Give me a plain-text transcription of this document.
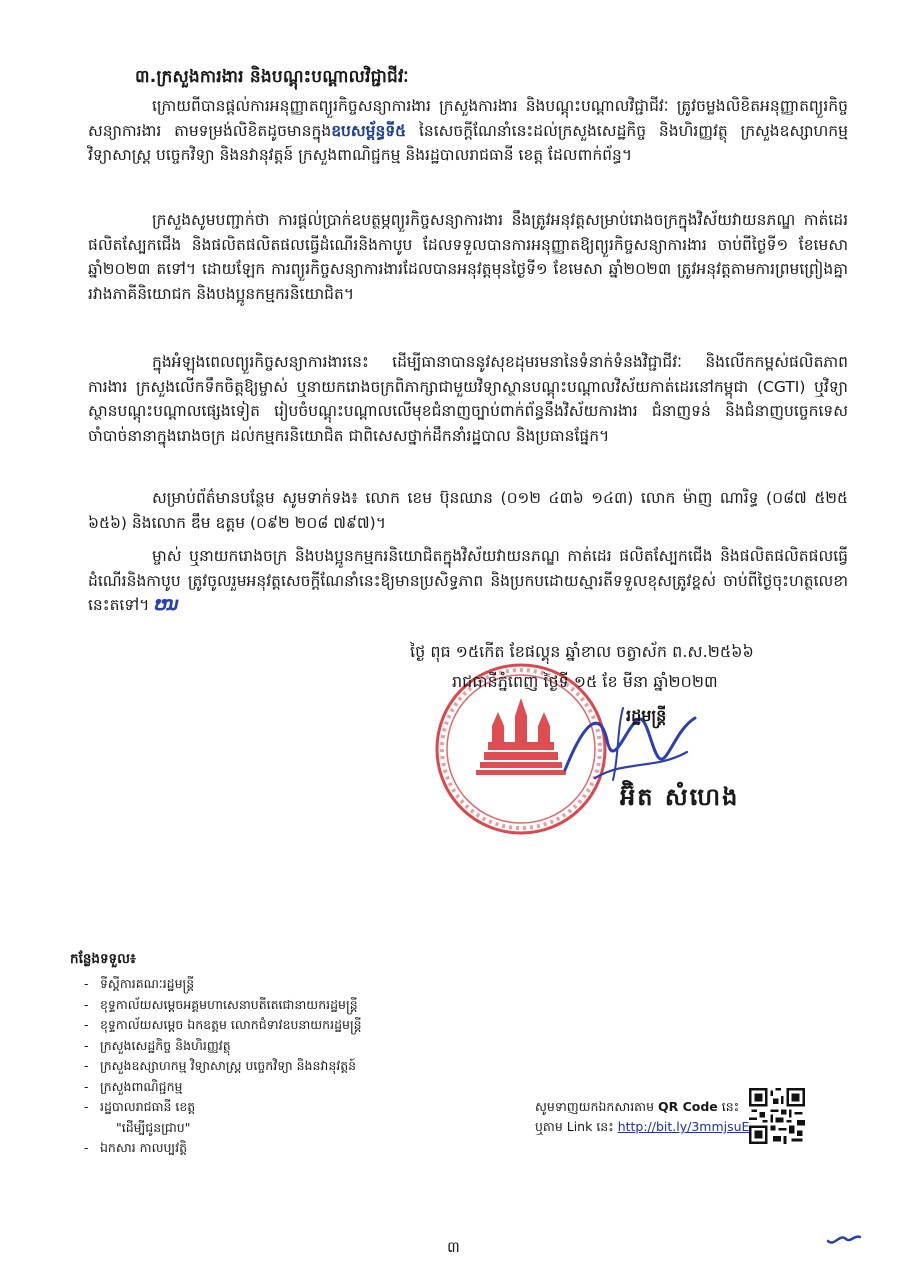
៣.ក្រសួងការងារ និងបណ្តុះបណ្តាលវិជ្ជាជីវៈ

ក្រោយពីបានផ្តល់ការអនុញ្ញាតព្យួរកិច្ចសន្យាការងារ ក្រសួងការងារ និងបណ្តុះបណ្តាលវិជ្ជាជីវៈ ត្រូវចម្លងលិខិតអនុញ្ញាតព្យួរកិច្ចសន្យាការងារ តាមទម្រង់លិខិតដូចមានក្នុងឧបសម្ព័ន្ធទី៥ នៃសេចក្តីណែនាំនេះដល់ក្រសួងសេដ្ឋកិច្ច និងហិរញ្ញវត្ថុ ក្រសួងឧស្សាហកម្ម វិទ្យាសាស្ត្រ បច្ចេកវិទ្យា និងនវានុវត្តន៍ ក្រសួងពាណិជ្ជកម្ម និងរដ្ឋបាលរាជធានី ខេត្ត ដែលពាក់ព័ន្ធ។

ក្រសួងសូមបញ្ជាក់ថា ការផ្តល់ប្រាក់ឧបត្ថម្ភព្យួរកិច្ចសន្យាការងារ នឹងត្រូវអនុវត្តសម្រាប់រោងចក្រក្នុងវិស័យវាយនភណ្ឌ កាត់ដេរ ផលិតស្បែកជើង និងផលិតផលិតផលធ្វើដំណើរនិងកាបូប ដែលទទួលបានការអនុញ្ញាតឱ្យព្យួរកិច្ចសន្យាការងារ ចាប់ពីថ្ងៃទី១ ខែមេសា ឆ្នាំ២០២៣ តទៅ។ ដោយឡែក ការព្យួរកិច្ចសន្យាការងារដែលបានអនុវត្តមុនថ្ងៃទី១ ខែមេសា ឆ្នាំ២០២៣ ត្រូវអនុវត្តតាមការព្រមព្រៀងគ្នារវាងភាគីនិយោជក និងបងប្អូនកម្មករនិយោជិត។

ក្នុងអំឡុងពេលព្យួរកិច្ចសន្យាការងារនេះ ដើម្បីធានាបាននូវសុខដុមរមនានៃទំនាក់ទំនងវិជ្ជាជីវៈ និងលើកកម្ពស់ផលិតភាពការងារ ក្រសួងលើកទឹកចិត្តឱ្យម្ចាស់ ឬនាយករោងចក្រពិភាក្សាជាមួយវិទ្យាស្ថានបណ្តុះបណ្តាលវិស័យកាត់ដេរនៅកម្ពុជា (CGTI) ឬវិទ្យាស្ថានបណ្តុះបណ្តាលផ្សេងទៀត រៀបចំបណ្តុះបណ្តាលលើមុខជំនាញច្បាប់ពាក់ព័ន្ធនឹងវិស័យការងារ ជំនាញទន់ និងជំនាញបច្ចេកទេសចាំបាច់នានាក្នុងរោងចក្រ ដល់កម្មករនិយោជិត ជាពិសេសថ្នាក់ដឹកនាំរដ្ឋបាល និងប្រធានផ្នែក។

សម្រាប់ព័ត៌មានបន្ថែម សូមទាក់ទង៖ លោក ខេម ប៊ុនឈាន (០១២ ៤៣៦ ១៤៣) លោក ម៉ាញ ណារិទ្ធ (០៨៧ ៥២៥ ៦៥៦) និងលោក ឌឹម ឧត្តម (០៩២ ២០៨ ៧៩៧)។

ម្ចាស់ ឬនាយករោងចក្រ និងបងប្អូនកម្មករនិយោជិតក្នុងវិស័យវាយនភណ្ឌ កាត់ដេរ ផលិតស្បែកជើង និងផលិតផលិតផលធ្វើដំណើរនិងកាបូប ត្រូវចូលរួមអនុវត្តសេចក្តីណែនាំនេះឱ្យមានប្រសិទ្ធភាព និងប្រកបដោយស្មារតីទទួលខុសត្រូវខ្ពស់ ចាប់ពីថ្ងៃចុះហត្ថលេខានេះតទៅ។ ໜ

ថ្ងៃ ពុធ ១៥កើត ខែផល្គុន ឆ្នាំខាល ចត្វាស័ក ព.ស.២៥៦៦
រាជធានីភ្នំពេញ ថ្ងៃទី ១៥ ខែ មីនា ឆ្នាំ២០២៣
រដ្ឋមន្ត្រី
អ៊ិត សំហេង
កន្លែងទទួល៖
- ទីស្តីការគណៈរដ្ឋមន្ត្រី
- ខុទ្ទកាល័យសម្តេចអគ្គមហាសេនាបតីតេជោនាយករដ្ឋមន្ត្រី
- ខុទ្ទកាល័យសម្តេច ឯកឧត្តម លោកជំទាវឧបនាយករដ្ឋមន្ត្រី
- ក្រសួងសេដ្ឋកិច្ច និងហិរញ្ញវត្ថុ
- ក្រសួងឧស្សាហកម្ម វិទ្យាសាស្ត្រ បច្ចេកវិទ្យា និងនវានុវត្តន៍
- ក្រសួងពាណិជ្ជកម្ម
- រដ្ឋបាលរាជធានី ខេត្ត
"ដើម្បីជូនជ្រាប"
- ឯកសារ កាលប្បវត្តិ
សូមទាញយកឯកសារតាម QR Code នេះ
ឬតាម Link នេះ http://bit.ly/3mmjsuE
៣
